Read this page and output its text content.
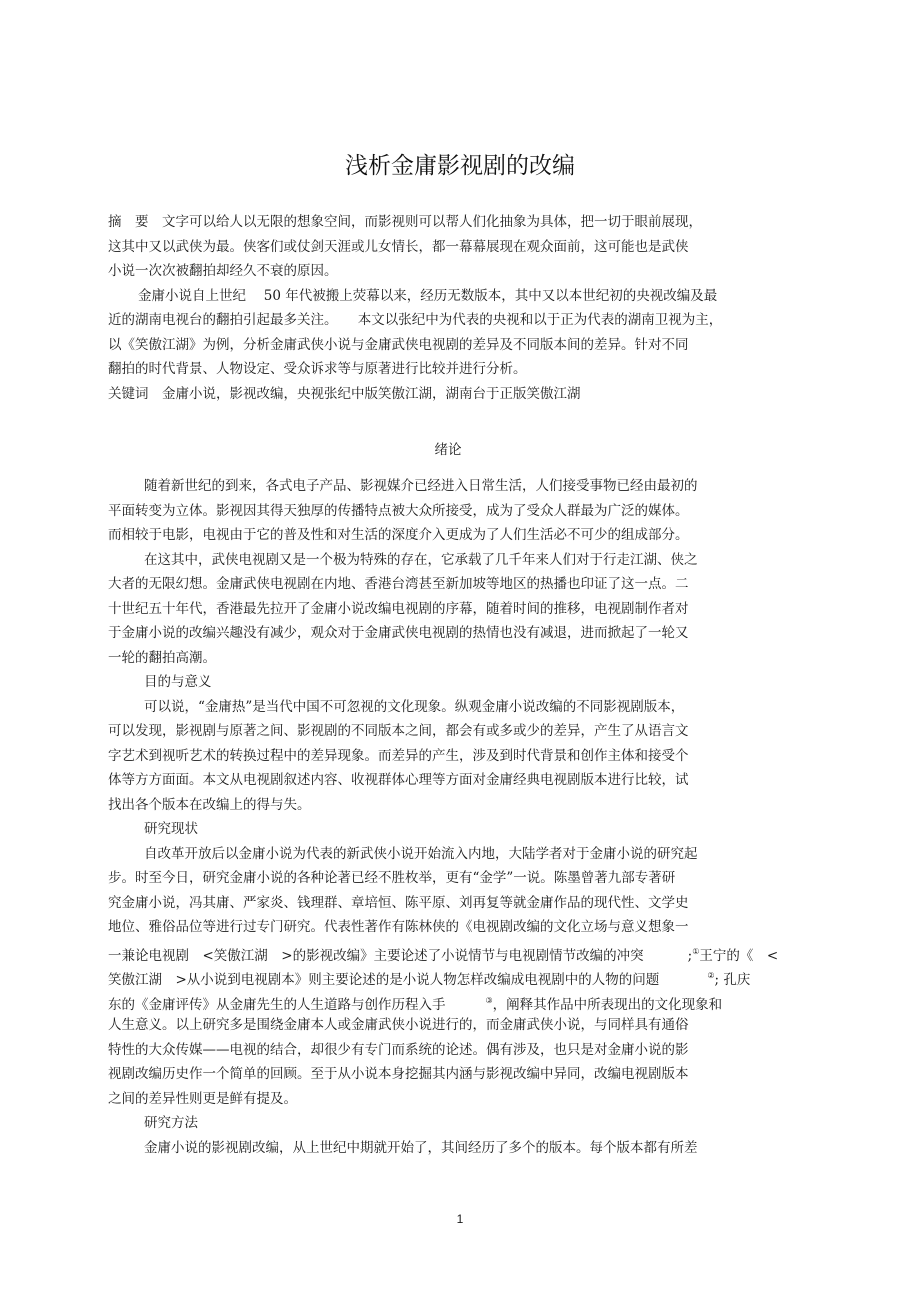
浅析金庸影视剧的改编
摘　要　文字可以给人以无限的想象空间，而影视则可以帮人们化抽象为具体，把一切于眼前展现，
这其中又以武侠为最。侠客们或仗剑天涯或儿女情长，都一幕幕展现在观众面前，这可能也是武侠
小说一次次被翻拍却经久不衰的原因。
金庸小说自上世纪　 50 年代被搬上荧幕以来，经历无数版本，其中又以本世纪初的央视改编及最
近的湖南电视台的翻拍引起最多关注。　　本文以张纪中为代表的央视和以于正为代表的湖南卫视为主，
以《笑傲江湖》为例，分析金庸武侠小说与金庸武侠电视剧的差异及不同版本间的差异。针对不同
翻拍的时代背景、人物设定、受众诉求等与原著进行比较并进行分析。
关键词　金庸小说，影视改编，央视张纪中版笑傲江湖，湖南台于正版笑傲江湖
绪论
随着新世纪的到来，各式电子产品、影视媒介已经进入日常生活，人们接受事物已经由最初的
平面转变为立体。影视因其得天独厚的传播特点被大众所接受，成为了受众人群最为广泛的媒体。
而相较于电影，电视由于它的普及性和对生活的深度介入更成为了人们生活必不可少的组成部分。
在这其中，武侠电视剧又是一个极为特殊的存在，它承载了几千年来人们对于行走江湖、侠之
大者的无限幻想。金庸武侠电视剧在内地、香港台湾甚至新加坡等地区的热播也印证了这一点。二
十世纪五十年代，香港最先拉开了金庸小说改编电视剧的序幕，随着时间的推移，电视剧制作者对
于金庸小说的改编兴趣没有减少，观众对于金庸武侠电视剧的热情也没有减退，进而掀起了一轮又
一轮的翻拍高潮。
目的与意义
可以说，“金庸热”是当代中国不可忽视的文化现象。纵观金庸小说改编的不同影视剧版本，
可以发现，影视剧与原著之间、影视剧的不同版本之间，都会有或多或少的差异，产生了从语言文
字艺术到视听艺术的转换过程中的差异现象。而差异的产生，涉及到时代背景和创作主体和接受个
体等方方面面。本文从电视剧叙述内容、收视群体心理等方面对金庸经典电视剧版本进行比较，试
找出各个版本在改编上的得与失。
研究现状
自改革开放后以金庸小说为代表的新武侠小说开始流入内地，大陆学者对于金庸小说的研究起
步。时至今日，研究金庸小说的各种论著已经不胜枚举，更有“金学”一说。陈墨曾著九部专著研
究金庸小说，冯其庸、严家炎、钱理群、章培恒、陈平原、刘再复等就金庸作品的现代性、文学史
地位、雅俗品位等进行过专门研究。代表性著作有陈林侠的《电视剧改编的文化立场与意义想象一
一兼论电视剧　<笑傲江湖　>的影视改编》主要论述了小说情节与电视剧情节改编的冲突	;①王宁的《　<
笑傲江湖　>从小说到电视剧本》则主要论述的是小说人物怎样改编成电视剧中的人物的问题	②; 孔庆
东的《金庸评传》从金庸先生的人生道路与创作历程入手	③，阐释其作品中所表现出的文化现象和
人生意义。以上研究多是围绕金庸本人或金庸武侠小说进行的，而金庸武侠小说，与同样具有通俗
特性的大众传媒——电视的结合，却很少有专门而系统的论述。偶有涉及，也只是对金庸小说的影
视剧改编历史作一个简单的回顾。至于从小说本身挖掘其内涵与影视改编中异同，改编电视剧版本
之间的差异性则更是鲜有提及。
研究方法
金庸小说的影视剧改编，从上世纪中期就开始了，其间经历了多个的版本。每个版本都有所差
1
